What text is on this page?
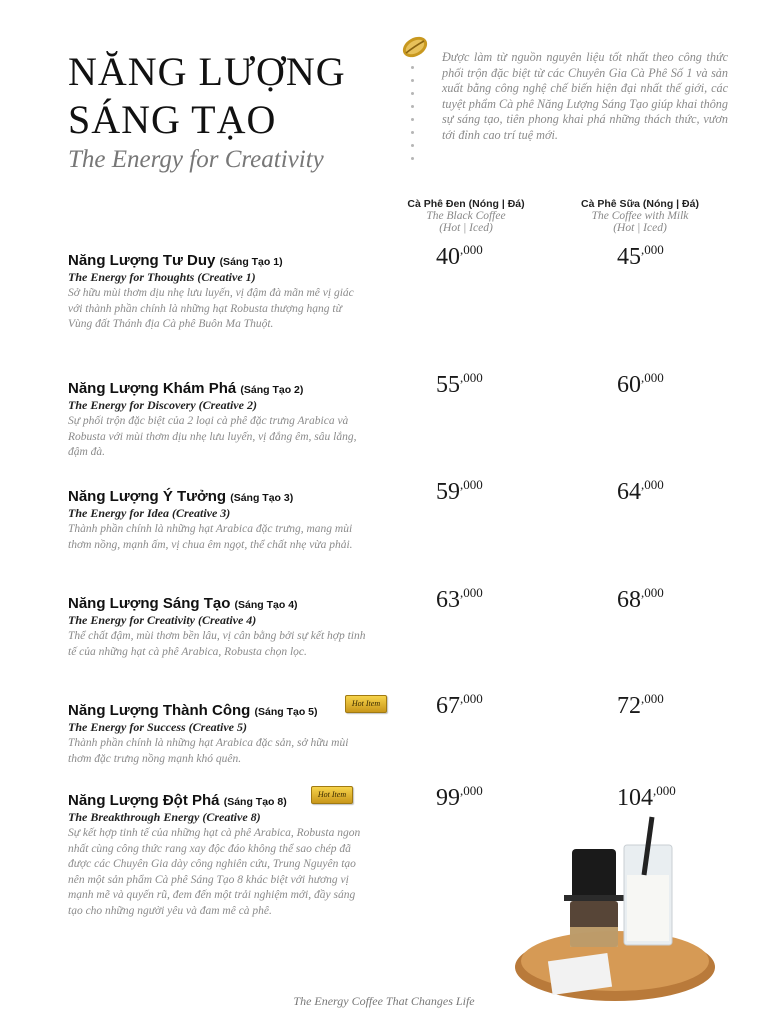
NĂNG LƯỢNG
SÁNG TẠO
The Energy for Creativity
Được làm từ nguồn nguyên liệu tốt nhất theo công thức phối trộn đặc biệt từ các Chuyên Gia Cà Phê Số 1 và sản xuất bằng công nghệ chế biến hiện đại nhất thế giới, các tuyệt phẩm Cà phê Năng Lượng Sáng Tạo giúp khai thông sự sáng tạo, tiên phong khai phá những thách thức, vươn tới đỉnh cao trí tuệ mới.
Cà Phê Đen (Nóng | Đá)
The Black Coffee
(Hot | Iced)
Cà Phê Sữa (Nóng | Đá)
The Coffee with Milk
(Hot | Iced)
Năng Lượng Tư Duy (Sáng Tạo 1)
The Energy for Thoughts (Creative 1)
Sở hữu mùi thơm dịu nhẹ lưu luyến, vị đậm đà mãn mê vị giác với thành phần chính là những hạt Robusta thượng hạng từ Vùng đất Thánh địa Cà phê Buôn Ma Thuột.
$40^{,000}$	$45^{,000}$
Năng Lượng Khám Phá (Sáng Tạo 2)
The Energy for Discovery (Creative 2)
Sự phối trộn đặc biệt của 2 loại cà phê đặc trưng Arabica và Robusta với mùi thơm dịu nhẹ lưu luyến, vị đắng êm, sâu lắng, đậm đà.
$55^{,000}$	$60^{,000}$
Năng Lượng Ý Tưởng (Sáng Tạo 3)
The Energy for Idea (Creative 3)
Thành phần chính là những hạt Arabica đặc trưng, mang mùi thơm nồng, mạnh ấm, vị chua êm ngọt, thể chất nhẹ vừa phải.
$59^{,000}$	$64^{,000}$
Năng Lượng Sáng Tạo (Sáng Tạo 4)
The Energy for Creativity (Creative 4)
Thể chất đậm, mùi thơm bền lâu, vị cân bằng bởi sự kết hợp tinh tế của những hạt cà phê Arabica, Robusta chọn lọc.
$63^{,000}$	$68^{,000}$
Năng Lượng Thành Công (Sáng Tạo 5)
The Energy for Success (Creative 5)
Thành phần chính là những hạt Arabica đặc sản, sở hữu mùi thơm đặc trưng nồng mạnh khó quên.
Hot Item $67^{,000}$	$72^{,000}$
Năng Lượng Đột Phá (Sáng Tạo 8)
The Breakthrough Energy (Creative 8)
Sự kết hợp tinh tế của những hạt cà phê Arabica, Robusta ngon nhất cùng công thức rang xay độc đáo không thể sao chép đã được các Chuyên Gia dày công nghiên cứu, Trung Nguyên tạo nên một sản phẩm Cà phê Sáng Tạo 8 khác biệt với hương vị mạnh mẽ và quyến rũ, đem đến một trải nghiệm mới, đầy sáng tạo cho những người yêu và đam mê cà phê.
Hot Item	$99^{,000}$	$104^{,000}$
The Energy Coffee That Changes Life
